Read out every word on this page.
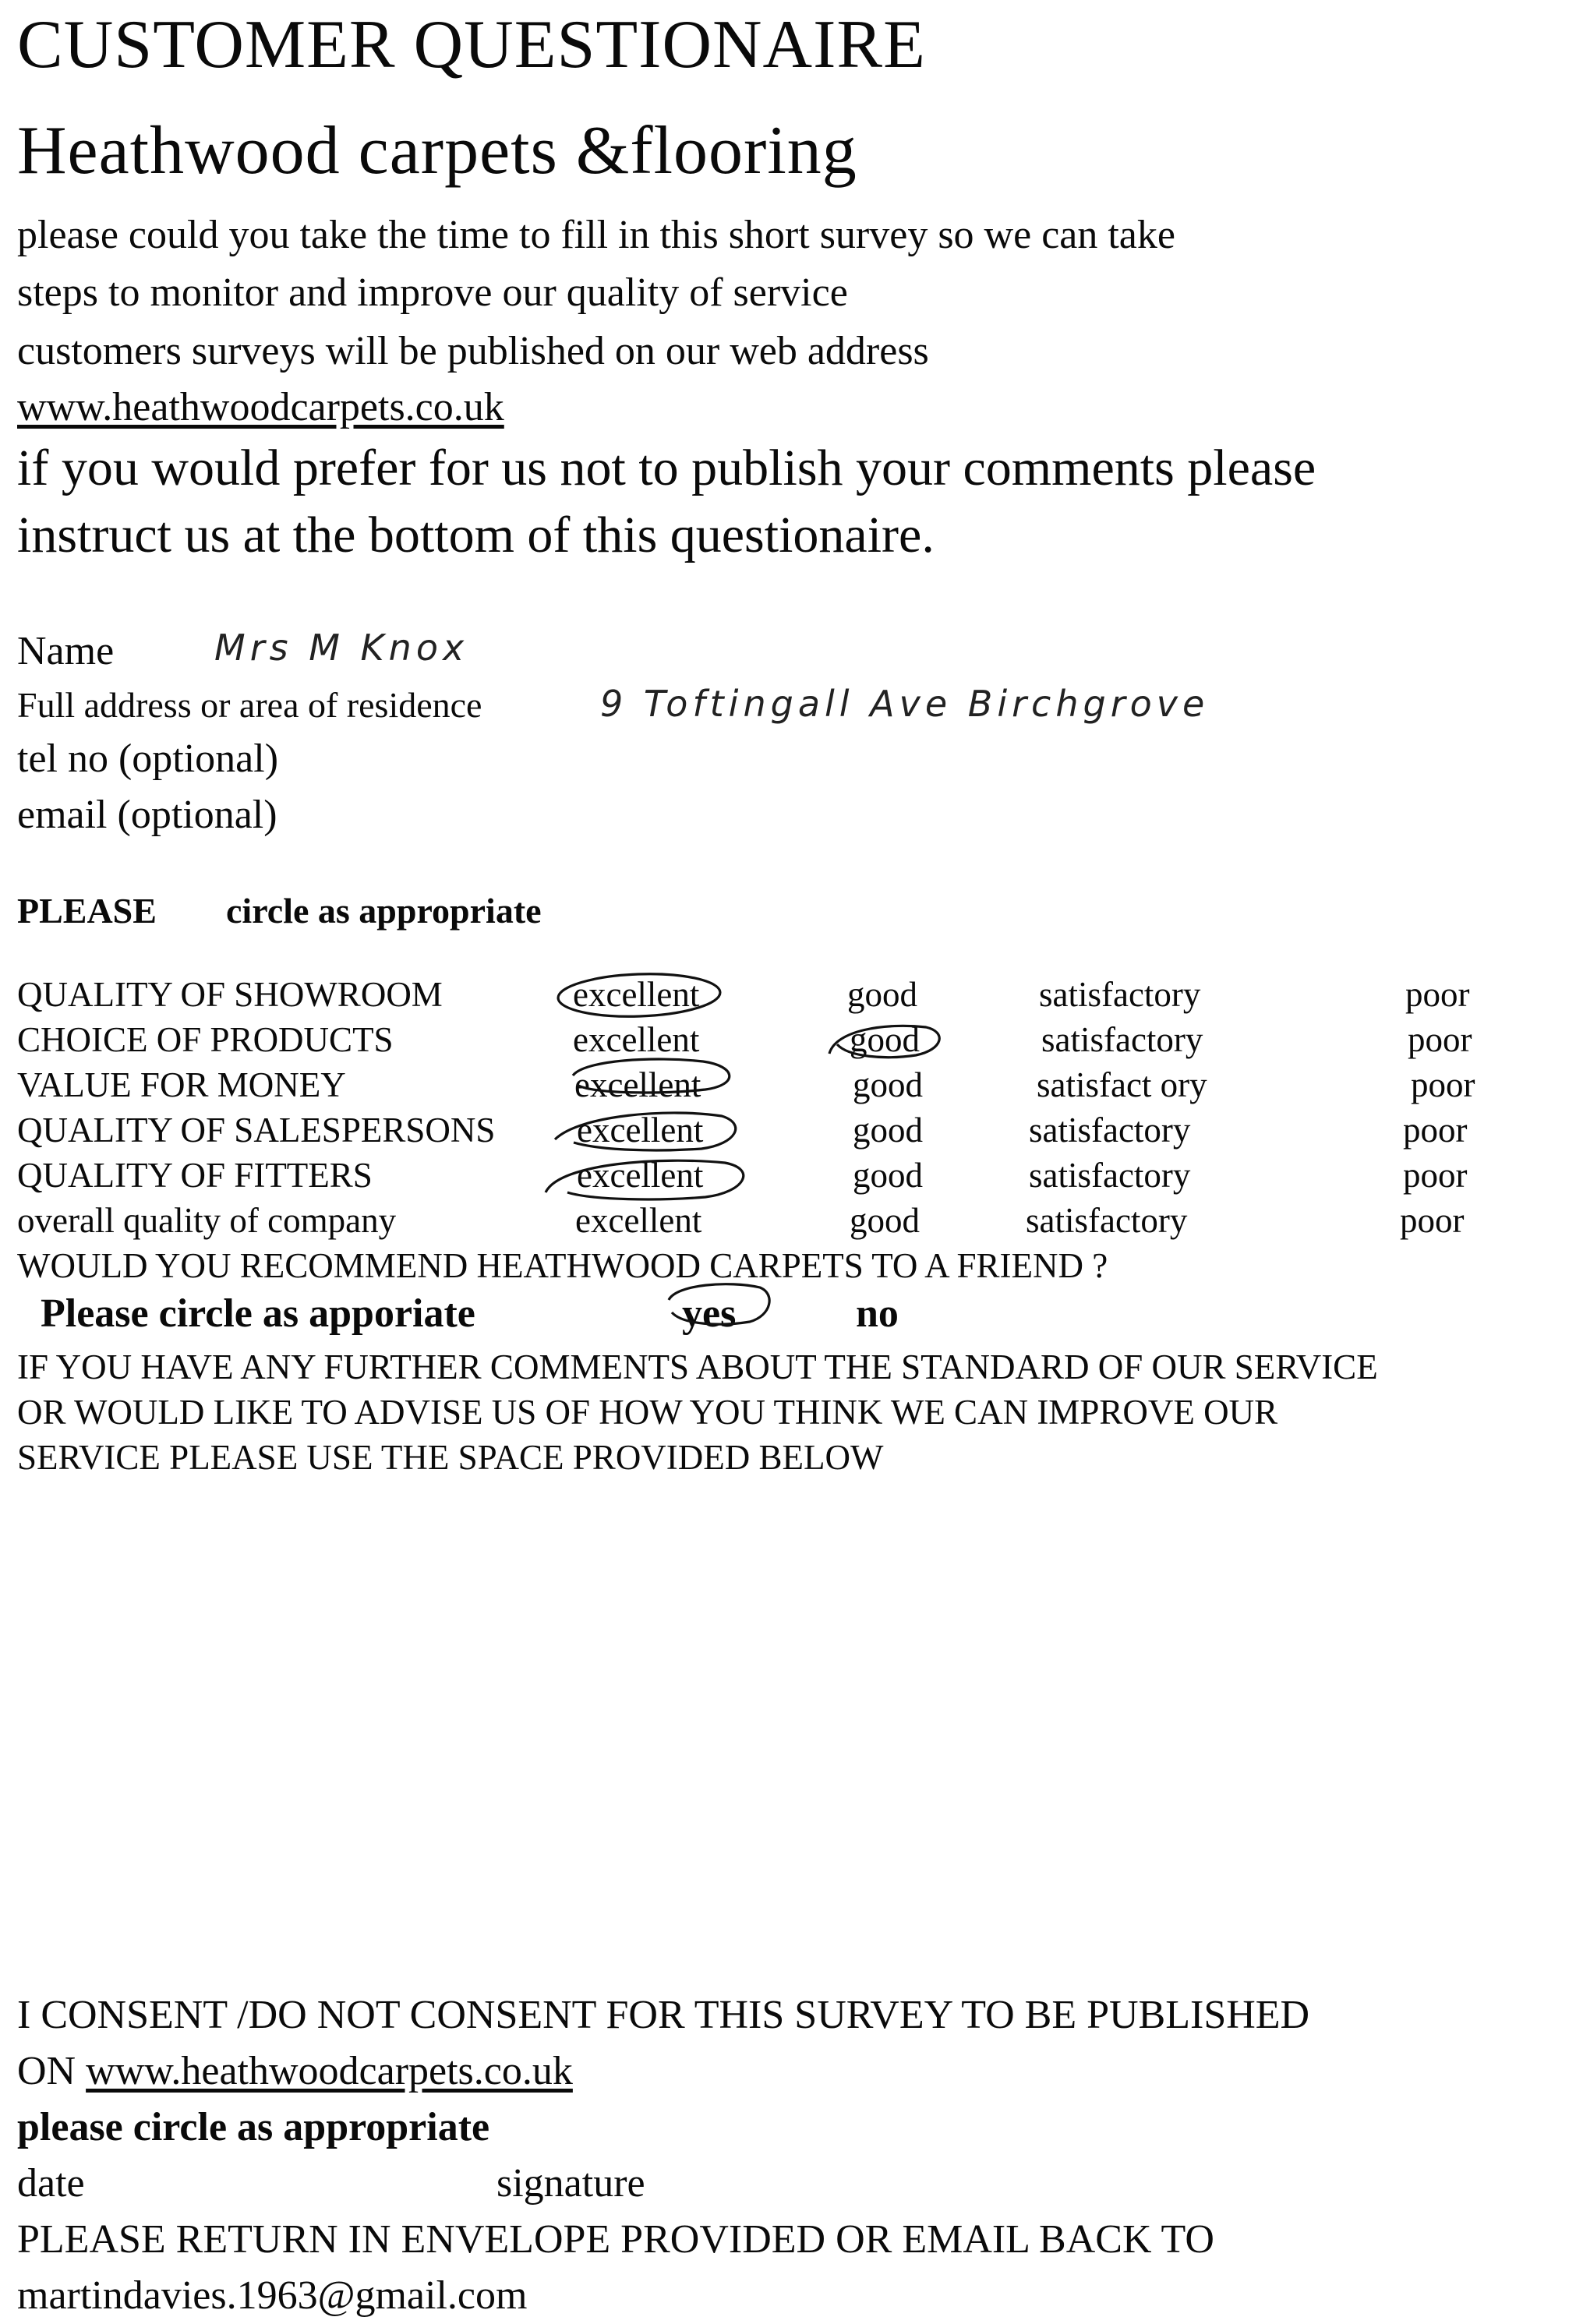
CUSTOMER QUESTIONAIRE
Heathwood carpets &flooring
please could you take the time to fill in this short survey so we can take
steps to monitor and improve our quality of service
customers surveys will be published on our web address
www.heathwoodcarpets.co.uk
if you would prefer for us not to publish your comments please
instruct us at the bottom of this questionaire.
Name	Mrs M Knox
Full address or area of residence	9 Toftingall Ave Birchgrove
tel no (optional)
email (optional)
PLEASE circle as appropriate
QUALITY OF SHOWROOM	excellent	good	satisfactory	poor
CHOICE OF PRODUCTS	excellent	good	satisfactory	poor
VALUE FOR MONEY	excellent	good	satisfact ory	poor
QUALITY OF SALESPERSONS excellent	good	satisfactory	poor
QUALITY OF FITTERS	excellent	good	satisfactory	poor
overall quality of company	excellent	good	satisfactory	poor
WOULD YOU RECOMMEND HEATHWOOD CARPETS TO A FRIEND ?
Please circle as apporiate	yes	no
IF YOU HAVE ANY FURTHER COMMENTS ABOUT THE STANDARD OF OUR SERVICE
OR WOULD LIKE TO ADVISE US OF HOW YOU THINK WE CAN IMPROVE OUR
SERVICE PLEASE USE THE SPACE PROVIDED BELOW
I CONSENT /DO NOT CONSENT FOR THIS SURVEY TO BE PUBLISHED
ON www.heathwoodcarpets.co.uk
please circle as appropriate
date	signature
PLEASE RETURN IN ENVELOPE PROVIDED OR EMAIL BACK TO
martindavies.1963@gmail.com
